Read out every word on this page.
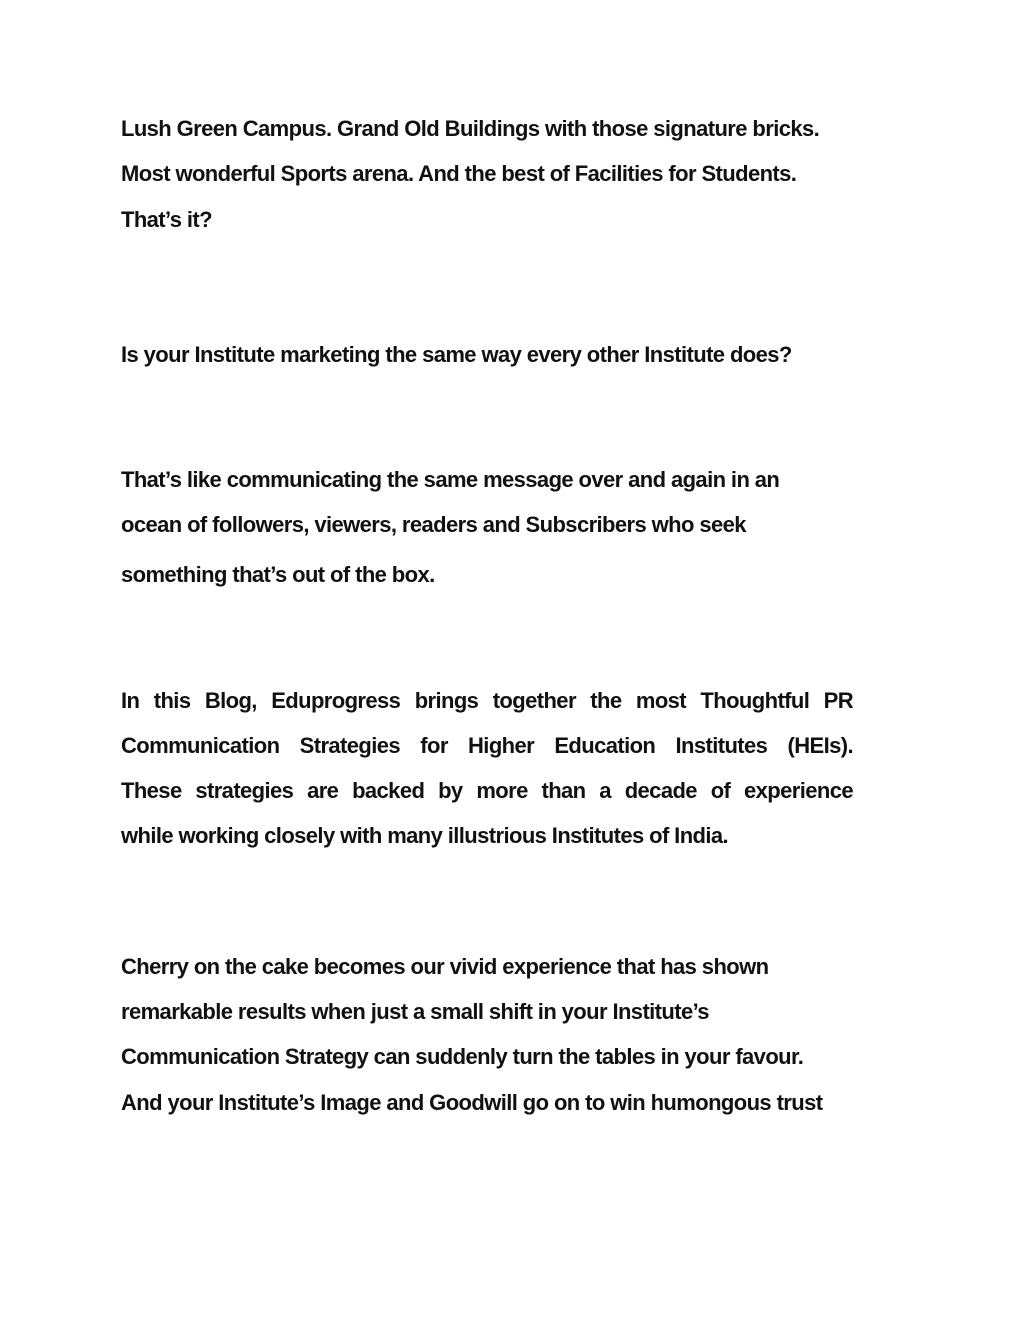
Lush Green Campus. Grand Old Buildings with those signature bricks.

Most wonderful Sports arena. And the best of Facilities for Students.

That’s it?

Is your Institute marketing the same way every other Institute does?

That’s like communicating the same message over and again in an

ocean of followers, viewers, readers and Subscribers who seek

something that’s out of the box.

In this Blog, Eduprogress brings together the most Thoughtful PR

Communication Strategies for Higher Education Institutes (HEIs).

These strategies are backed by more than a decade of experience

while working closely with many illustrious Institutes of India.

Cherry on the cake becomes our vivid experience that has shown

remarkable results when just a small shift in your Institute’s

Communication Strategy can suddenly turn the tables in your favour.

And your Institute’s Image and Goodwill go on to win humongous trust
